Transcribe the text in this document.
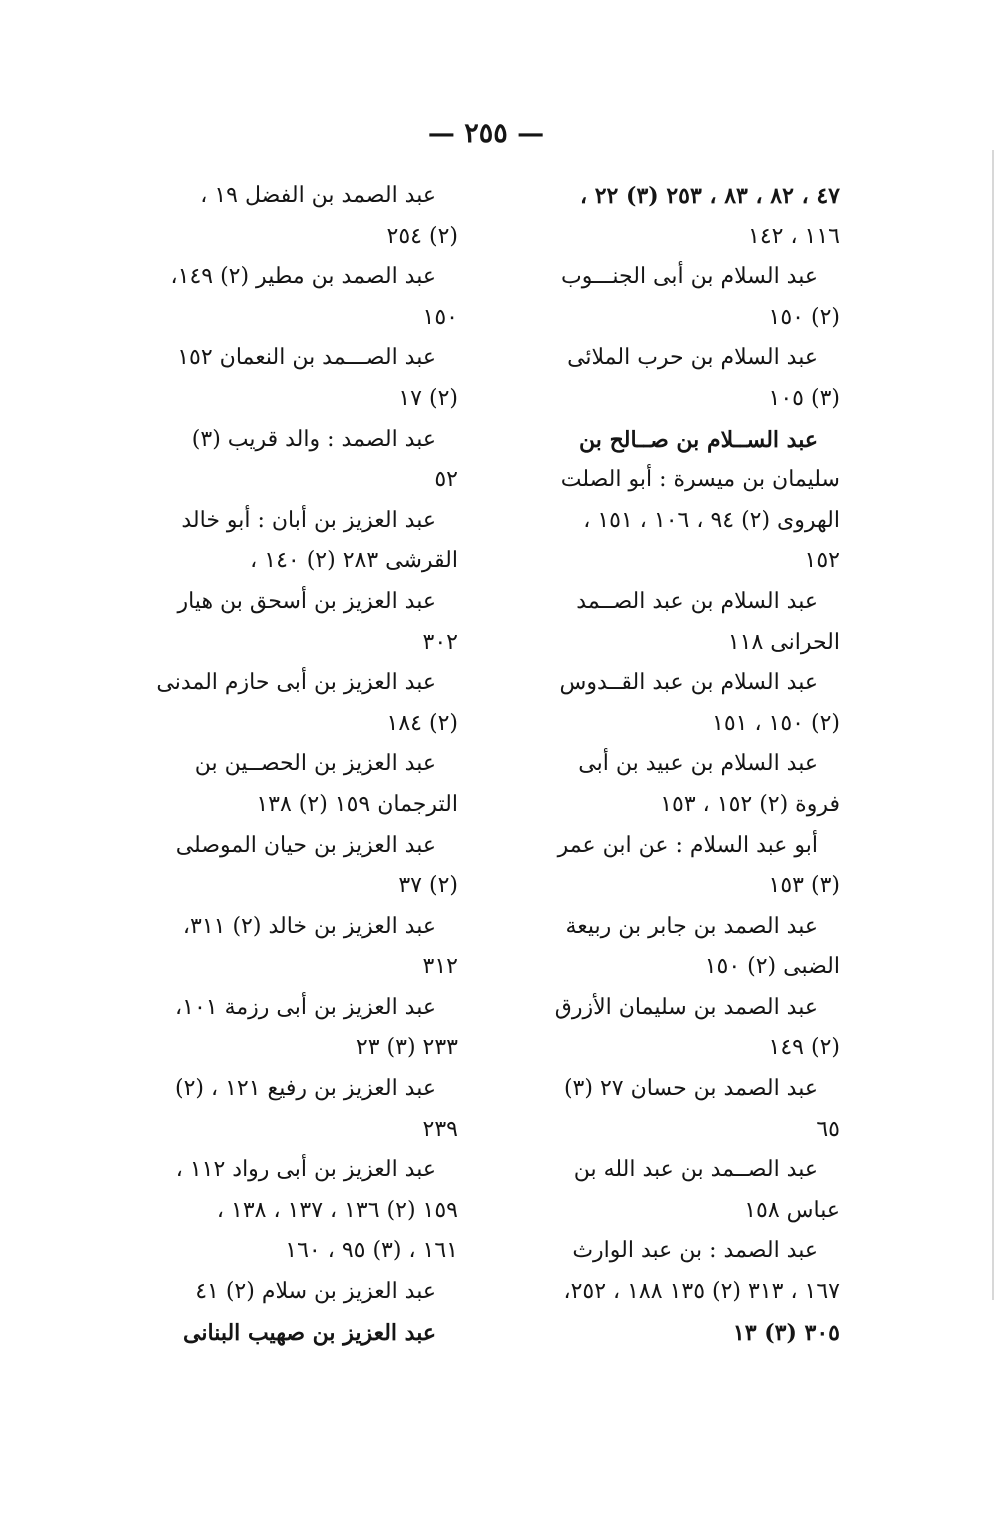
— ٢٥٥ —
٤٧ ، ٨٢ ، ٨٣ ، ٢٥٣ (٣) ٢٢ ،
١١٦ ، ١٤٢
عبد السلام بن أبى الجنـــوب
(٢) ١٥٠
عبد السلام بن حرب الملائى
(٣) ١٠٥
عبد الســلام بن صــالح بن
سليمان بن ميسرة : أبو الصلت
الهروى (٢) ٩٤ ، ١٠٦ ، ١٥١ ،
١٥٢
عبد السلام بن عبد الصــمد
الحرانى ١١٨
عبد السلام بن عبد القــدوس
(٢) ١٥٠ ، ١٥١
عبد السلام بن عبيد بن أبى
فروة (٢) ١٥٢ ، ١٥٣
أبو عبد السلام : عن ابن عمر
(٣) ١٥٣
عبد الصمد بن جابر بن ربيعة
الضبى (٢) ١٥٠
عبد الصمد بن سليمان الأزرق
(٢) ١٤٩
عبد الصمد بن حسان ٢٧ (٣)
٦٥
عبد الصــمد بن عبد الله بن
عباس ١٥٨
عبد الصمد : بن عبد الوارث
١٦٧ ، ٣١٣ (٢) ١٣٥ ١٨٨ ، ٢٥٢،
٣٠٥ (٣) ١٣
عبد الصمد بن الفضل ١٩ ،
(٢) ٢٥٤
عبد الصمد بن مطير (٢) ١٤٩،
١٥٠
عبد الصـــمد بن النعمان ١٥٢
(٢) ١٧
عبد الصمد : والد قريب (٣)
٥٢
عبد العزيز بن أبان : أبو خالد
القرشى ٢٨٣ (٢) ١٤٠ ،
عبد العزيز بن أسحق بن هيار
٣٠٢
عبد العزيز بن أبى حازم المدنى
(٢) ١٨٤
عبد العزيز بن الحصــين بن
الترجمان ١٥٩ (٢) ١٣٨
عبد العزيز بن حيان الموصلى
(٢) ٣٧
عبد العزيز بن خالد (٢) ٣١١،
٣١٢
عبد العزيز بن أبى رزمة ١٠١،
٢٣٣ (٣) ٢٣
عبد العزيز بن رفيع ١٢١ ، (٢)
٢٣٩
عبد العزيز بن أبى رواد ١١٢ ،
١٥٩ (٢) ١٣٦ ، ١٣٧ ، ١٣٨ ،
١٦١ ، (٣) ٩٥ ، ١٦٠
عبد العزيز بن سلام (٢) ٤١
عبد العزيز بن صهيب البنانى
